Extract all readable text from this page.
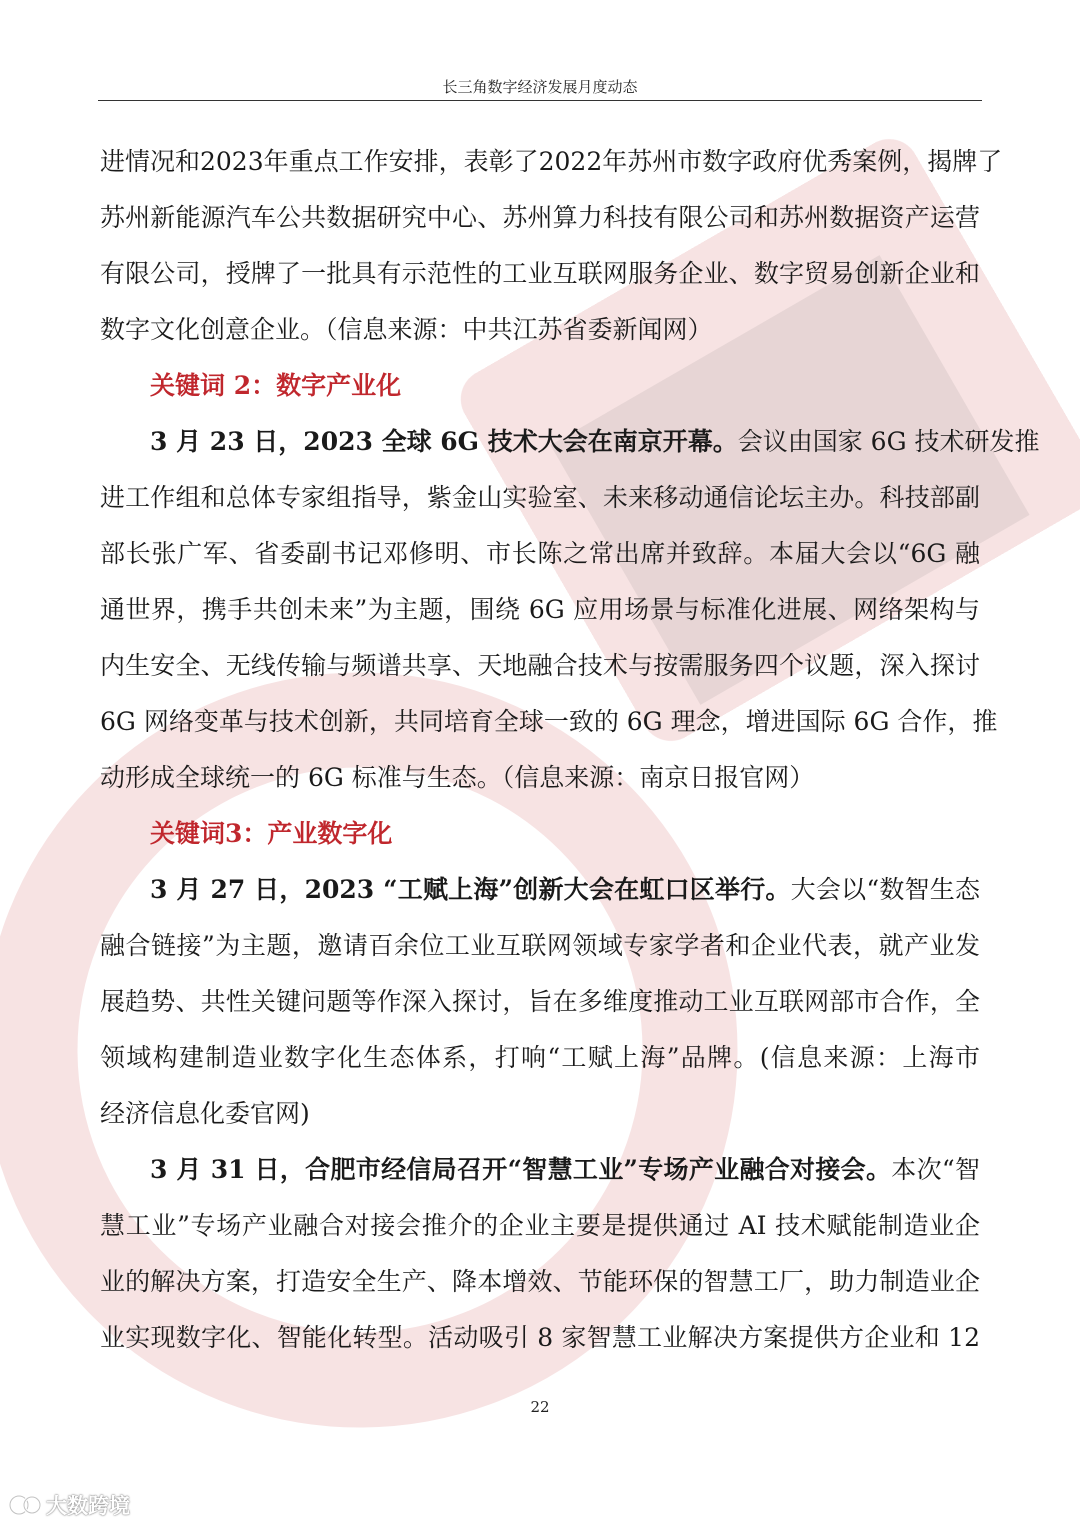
长三角数字经济发展月度动态
进情况和2023年重点工作安排，表彰了2022年苏州市数字政府优秀案例，揭牌了
苏州新能源汽车公共数据研究中心、苏州算力科技有限公司和苏州数据资产运营
有限公司，授牌了一批具有示范性的工业互联网服务企业、数字贸易创新企业和
数字文化创意企业。（信息来源：中共江苏省委新闻网）
关键词 2：数字产业化
3 月 23 日，2023 全球 6G 技术大会在南京开幕。会议由国家 6G 技术研发推
进工作组和总体专家组指导，紫金山实验室、未来移动通信论坛主办。科技部副
部长张广军、省委副书记邓修明、市长陈之常出席并致辞。本届大会以“6G 融
通世界，携手共创未来”为主题，围绕 6G 应用场景与标准化进展、网络架构与
内生安全、无线传输与频谱共享、天地融合技术与按需服务四个议题，深入探讨
6G 网络变革与技术创新，共同培育全球一致的 6G 理念，增进国际 6G 合作，推
动形成全球统一的 6G 标准与生态。（信息来源：南京日报官网）
关键词3：产业数字化
3 月 27 日，2023 “工赋上海”创新大会在虹口区举行。大会以“数智生态
融合链接”为主题，邀请百余位工业互联网领域专家学者和企业代表，就产业发
展趋势、共性关键问题等作深入探讨，旨在多维度推动工业互联网部市合作，全
领域构建制造业数字化生态体系，打响“工赋上海”品牌。(信息来源：上海市
经济信息化委官网)
3 月 31 日，合肥市经信局召开“智慧工业”专场产业融合对接会。本次“智
慧工业”专场产业融合对接会推介的企业主要是提供通过 AI 技术赋能制造业企
业的解决方案，打造安全生产、降本增效、节能环保的智慧工厂，助力制造业企
业实现数字化、智能化转型。活动吸引 8 家智慧工业解决方案提供方企业和 12
22
大数跨境
